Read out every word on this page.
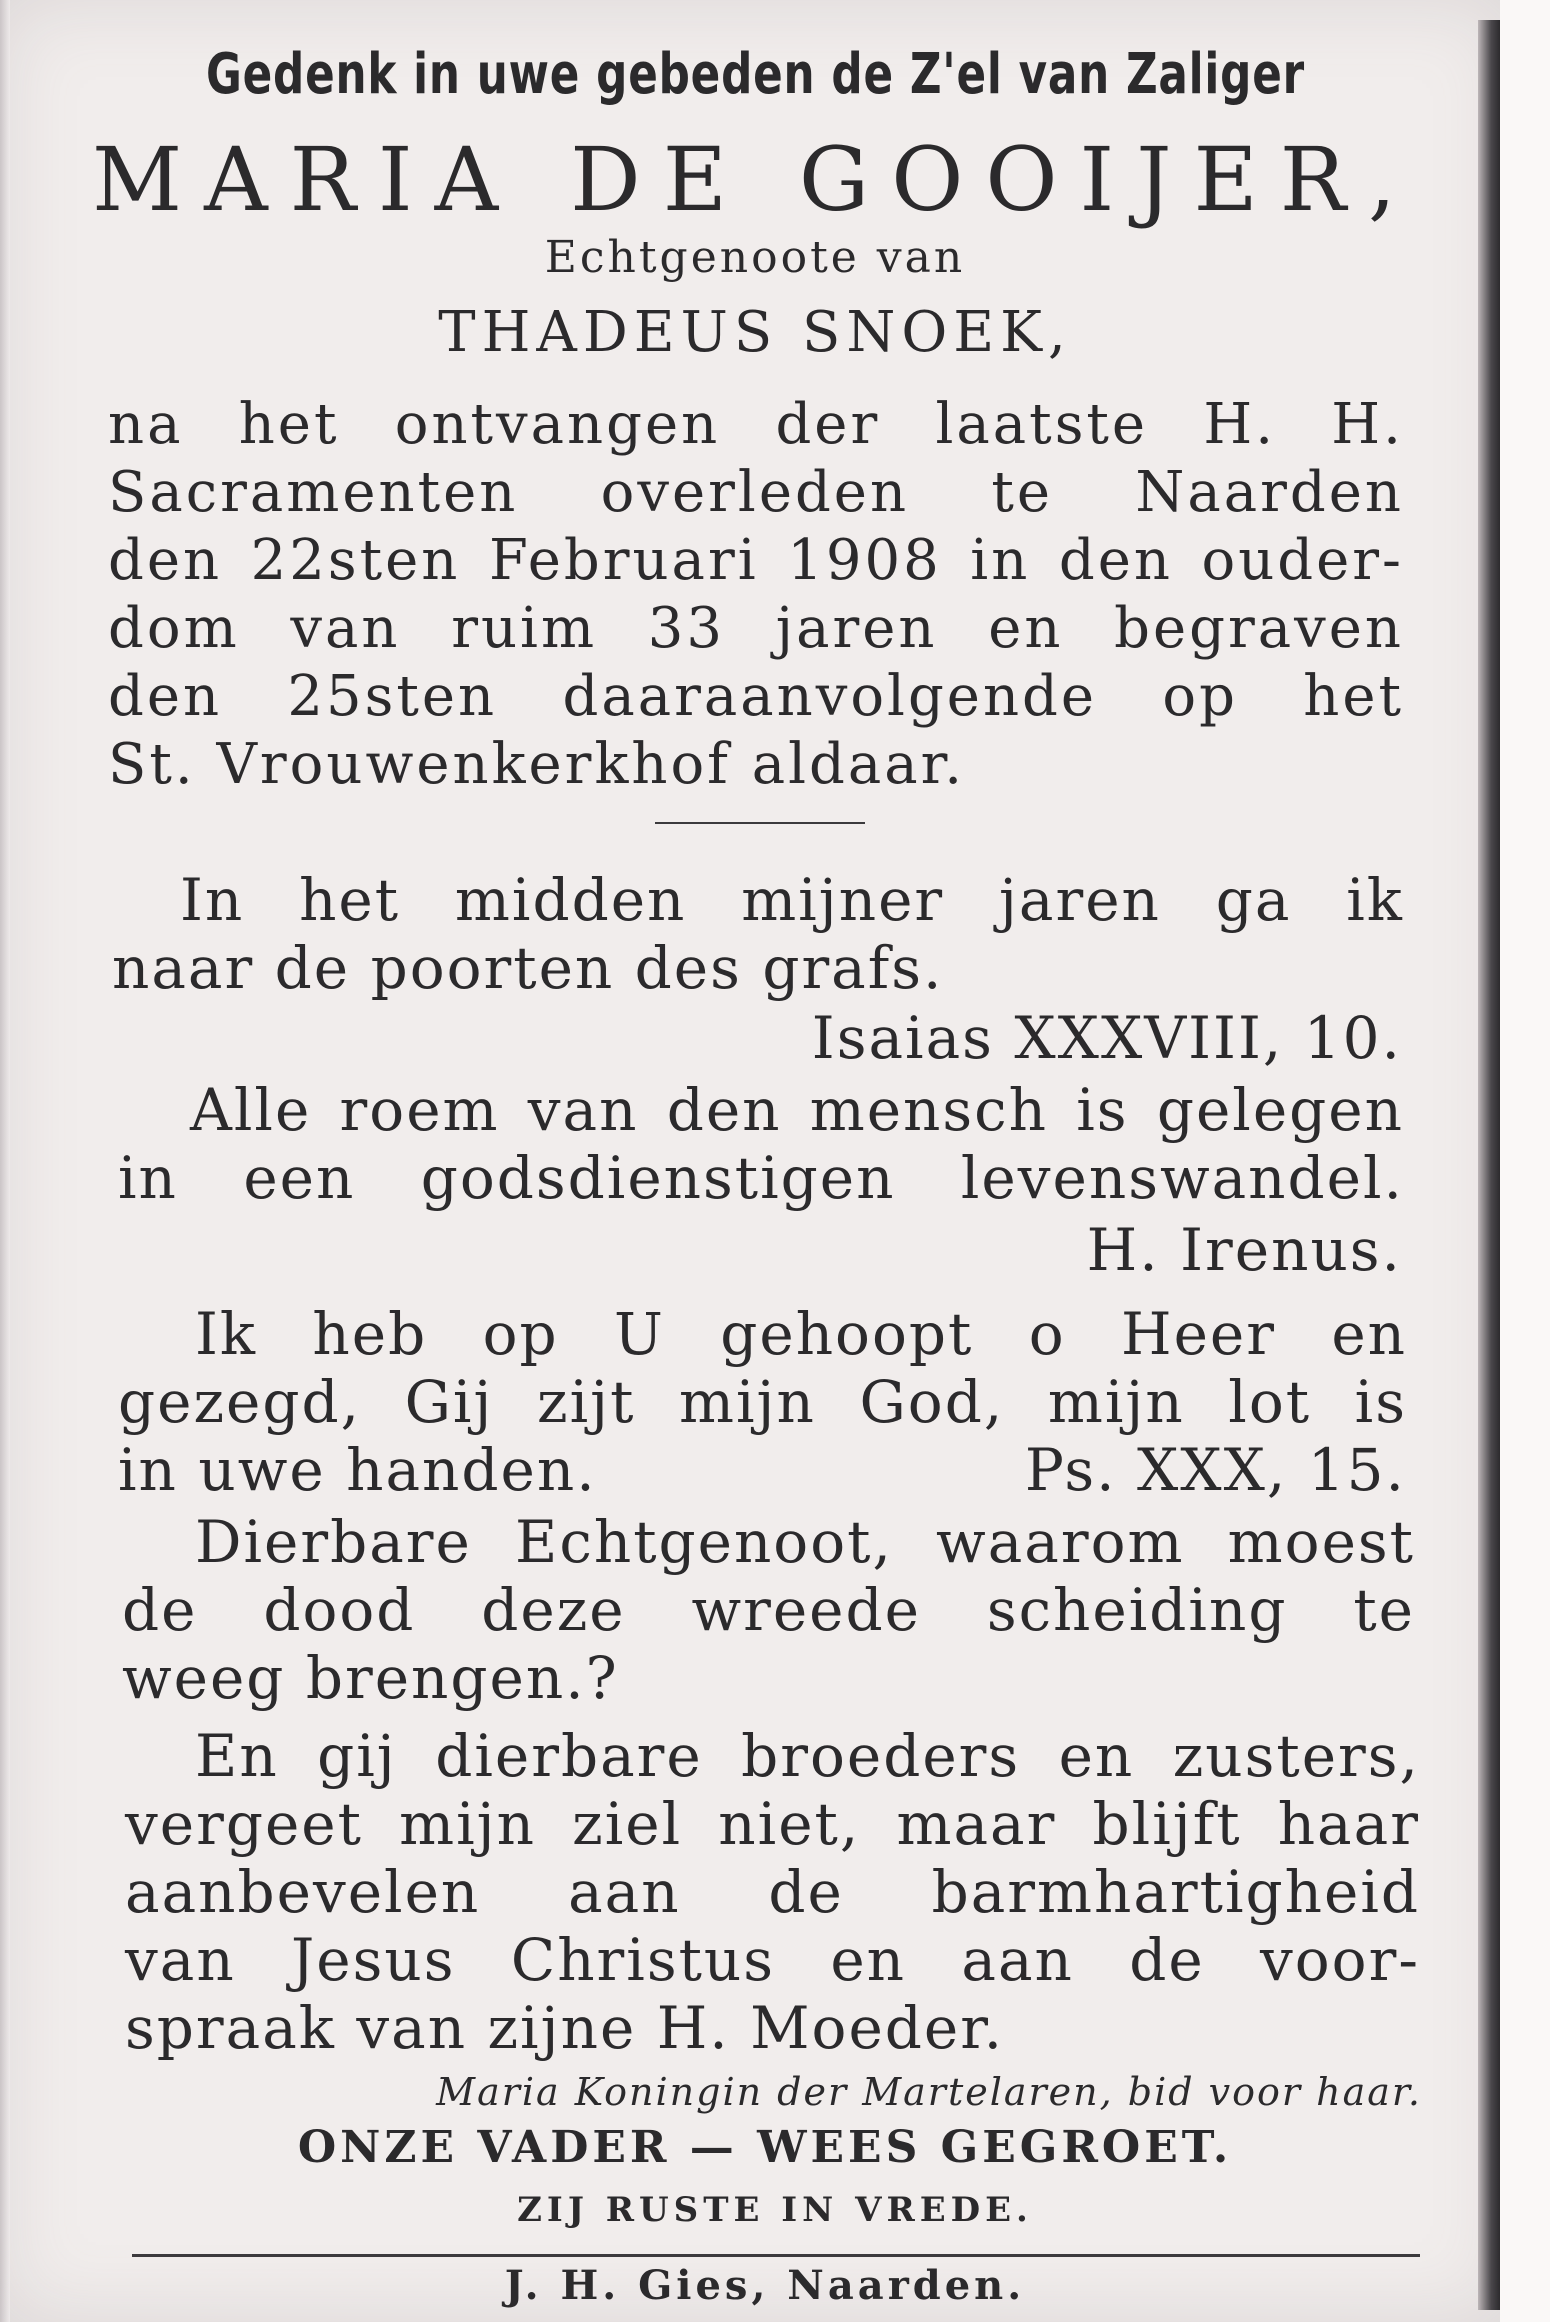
Gedenk in uwe gebeden de Z'el van Zaliger
MARIA DE GOOIJER,
Echtgenoote van
THADEUS SNOEK,
na het ontvangen der laatste H. H.
Sacramenten overleden te Naarden
den 22sten Februari 1908 in den ouder-
dom van ruim 33 jaren en begraven
den 25sten daaraanvolgende op het
St. Vrouwenkerkhof aldaar.
In het midden mijner jaren ga ik
naar de poorten des grafs.
Isaias XXXVIII, 10.
Alle roem van den mensch is gelegen
in een godsdienstigen levenswandel.
H. Irenus.
Ik heb op U gehoopt o Heer en
gezegd, Gij zijt mijn God, mijn lot is
in uwe handen.	Ps. XXX, 15.
Dierbare Echtgenoot, waarom moest
de dood deze wreede scheiding te
weeg brengen.?
En gij dierbare broeders en zusters,
vergeet mijn ziel niet, maar blijft haar
aanbevelen aan de barmhartigheid
van Jesus Christus en aan de voor-
spraak van zijne H. Moeder.
Maria Koningin der Martelaren, bid voor haar.
ONZE VADER — WEES GEGROET.
ZIJ RUSTE IN VREDE.
J. H. Gies, Naarden.
